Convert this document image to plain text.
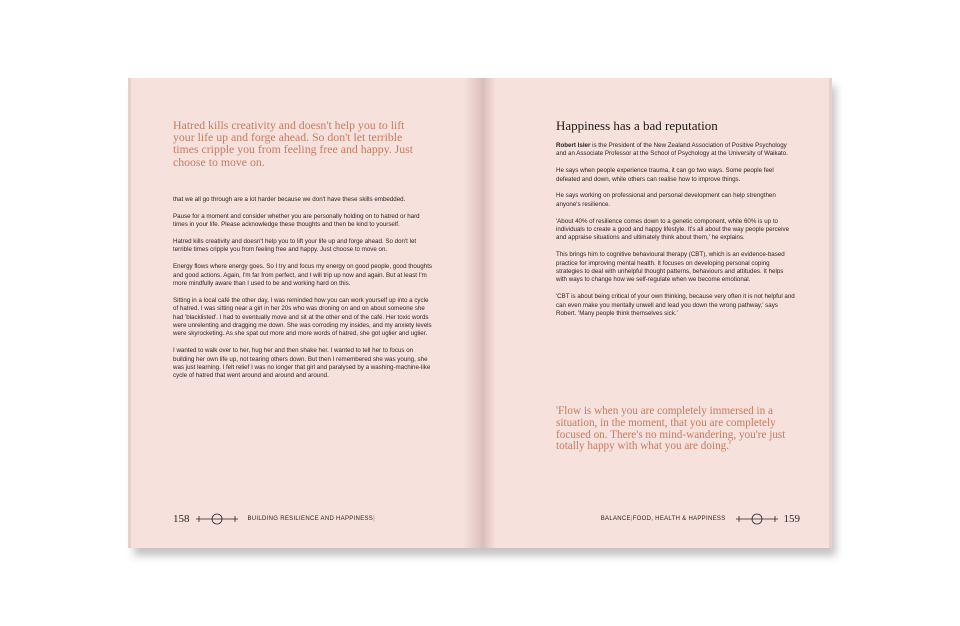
Hatred kills creativity and doesn't help you to lift your life up and forge ahead. So don't let terrible times cripple you from feeling free and happy. Just choose to move on.

that we all go through are a lot harder because we don't have these skills embedded.

Pause for a moment and consider whether you are personally holding on to hatred or hard times in your life. Please acknowledge these thoughts and then be kind to yourself.

Hatred kills creativity and doesn't help you to lift your life up and forge ahead. So don't let terrible times cripple you from feeling free and happy. Just choose to move on.

Energy flows where energy goes. So I try and focus my energy on good people, good thoughts and good actions. Again, I'm far from perfect, and I will trip up now and again. But at least I'm more mindfully aware than I used to be and working hard on this.

Sitting in a local café the other day, I was reminded how you can work yourself up into a cycle of hatred. I was sitting near a girl in her 20s who was droning on and on about someone she had 'blacklisted'. I had to eventually move and sit at the other end of the café. Her toxic words were unrelenting and dragging me down. She was corroding my insides, and my anxiety levels were skyrocketing. As she spat out more and more words of hatred, she got uglier and uglier.

I wanted to walk over to her, hug her and then shake her. I wanted to tell her to focus on building her own life up, not tearing others down. But then I remembered she was young, she was just learning. I felt relief I was no longer that girl and paralysed by a washing-machine-like cycle of hatred that went around and around and around.

158	BUILDING RESILIENCE AND HAPPINESS |
Happiness has a bad reputation

Robert Isler is the President of the New Zealand Association of Positive Psychology and an Associate Professor at the School of Psychology at the University of Waikato.

He says when people experience trauma, it can go two ways. Some people feel defeated and down, while others can realise how to improve things.

He says working on professional and personal development can help strengthen anyone's resilience.

'About 40% of resilience comes down to a genetic component, while 60% is up to individuals to create a good and happy lifestyle. It's all about the way people perceive and appraise situations and ultimately think about them,' he explains.

This brings him to cognitive behavioural therapy (CBT), which is an evidence-based practice for improving mental health. It focuses on developing personal coping strategies to deal with unhelpful thought patterns, behaviours and attitudes. It helps with ways to change how we self-regulate when we become emotional.

'CBT is about being critical of your own thinking, because very often it is not helpful and can even make you mentally unwell and lead you down the wrong pathway,' says Robert. 'Many people think themselves sick.'

'Flow is when you are completely immersed in a situation, in the moment, that you are completely focused on. There's no mind-wandering, you're just totally happy with what you are doing.'

BALANCE | FOOD, HEALTH & HAPPINESS	159
